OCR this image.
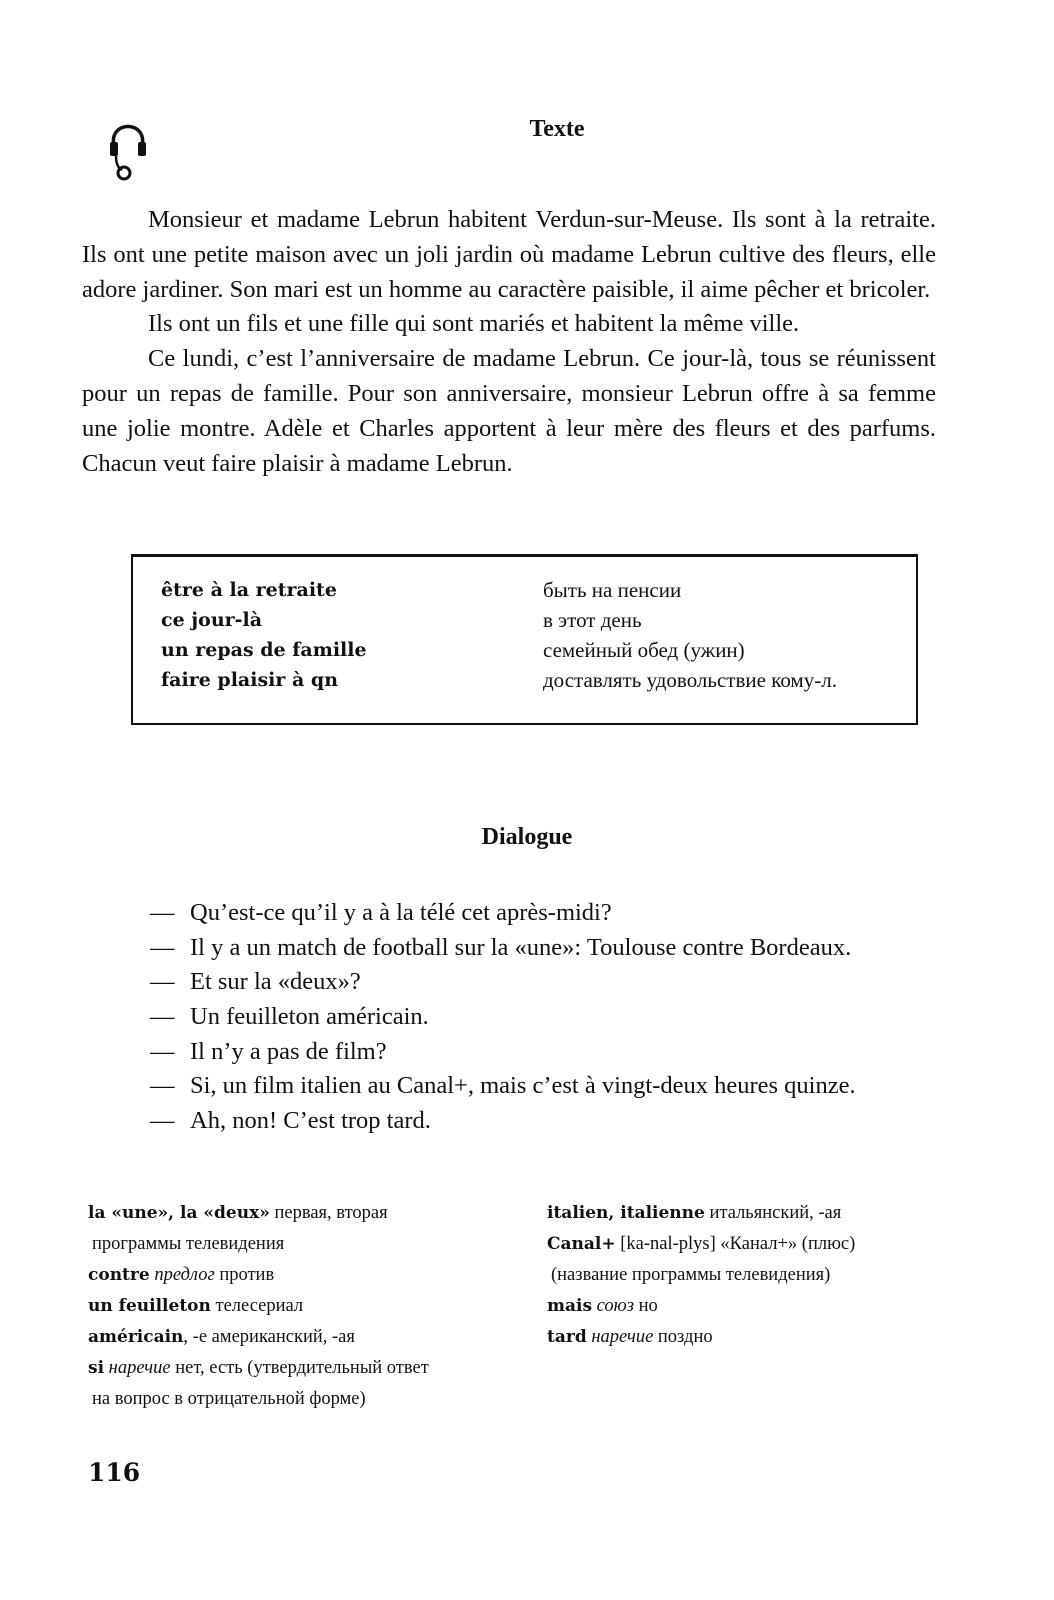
Texte

Monsieur et madame Lebrun habitent Verdun-sur-Meuse. Ils sont à la retraite. Ils ont une petite maison avec un joli jardin où madame Lebrun cultive des fleurs, elle adore jardiner. Son mari est un homme au caractère paisible, il aime pêcher et bricoler.

Ils ont un fils et une fille qui sont mariés et habitent la même ville.

Ce lundi, c’est l’anniversaire de madame Lebrun. Ce jour-là, tous se réunissent pour un repas de famille. Pour son anniversaire, monsieur Lebrun offre à sa femme une jolie montre. Adèle et Charles apportent à leur mère des fleurs et des parfums. Chacun veut faire plaisir à madame Lebrun.

être à la retraite
ce jour-là
un repas de famille
faire plaisir à qn
быть на пенсии
в этот день
семейный обед (ужин)
доставлять удовольствие кому-л.
Dialogue
— Qu’est-ce qu’il y a à la télé cet après-midi?
— Il y a un match de football sur la «une»: Toulouse contre Bordeaux.
— Et sur la «deux»?
— Un feuilleton américain.
— Il n’y a pas de film?
— Si, un film italien au Canal+, mais c’est à vingt-deux heures quinze.
— Ah, non! C’est trop tard.
la «une», la «deux» первая, вторая
программы телевидения
contre предлог против
un feuilleton телесериал
américain, -е американский, -ая
si наречие нет, есть (утвердительный ответ
на вопрос в отрицательной форме)
italien, italienne итальянский, -ая
Canal+ [ka-nal-plys] «Канал+» (плюс)
(название программы телевидения)
mais союз но
tard наречие поздно
116
